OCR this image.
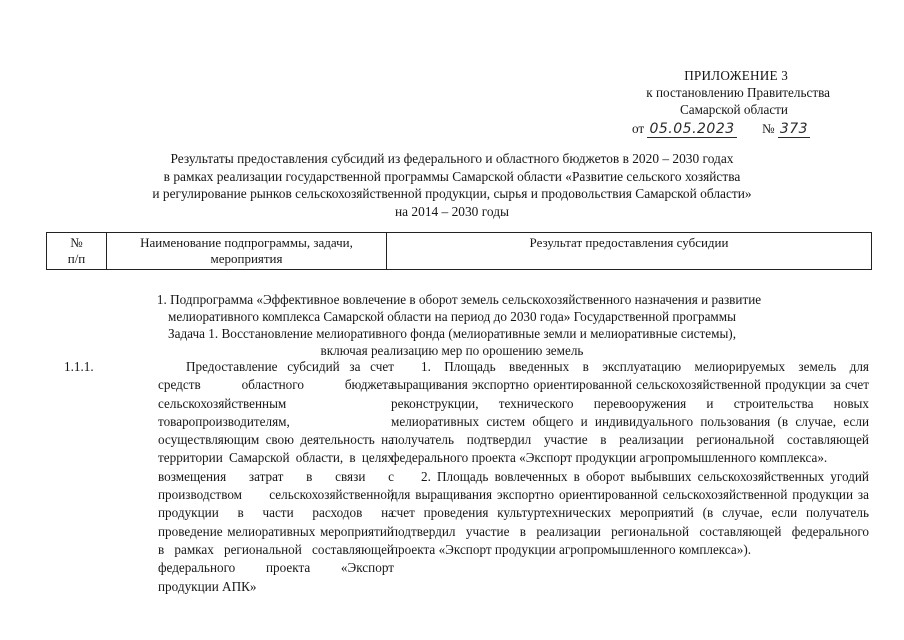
ПРИЛОЖЕНИЕ 3
к постановлению Правительства
Самарской области
от 05.05.2023 № 373
Результаты предоставления субсидий из федерального и областного бюджетов в 2020 – 2030 годах
в рамках реализации государственной программы Самарской области «Развитие сельского хозяйства
и регулирование рынков сельскохозяйственной продукции, сырья и продовольствия Самарской области»
на 2014 – 2030 годы
№
п/п
Наименование подпрограммы, задачи,
мероприятия
Результат предоставления субсидии
1. Подпрограмма «Эффективное вовлечение в оборот земель сельскохозяйственного назначения и развитие
мелиоративного комплекса Самарской области на период до 2030 года» Государственной программы
Задача 1. Восстановление мелиоративного фонда (мелиоративные земли и мелиоративные системы),
включая реализацию мер по орошению земель
1.1.1.	Предоставление субсидий за счет средств областного бюджета сельскохозяйственным товаропроизводителям, осуществляющим свою деятельность на территории Самарской области, в целях возмещения затрат в связи с производством сельскохозяйственной продукции в части расходов на проведение мелиоративных мероприятий в рамках региональной составляющей федерального проекта «Экспорт продукции АПК»

1. Площадь введенных в эксплуатацию мелиорируемых земель для выращивания экспортно ориентированной сельскохозяйственной продукции за счет реконструкции, технического перевооружения и строительства новых мелиоративных систем общего и индивидуального пользования (в случае, если получатель подтвердил участие в реализации региональной составляющей федерального проекта «Экспорт продукции агропромышленного комплекса».

2. Площадь вовлеченных в оборот выбывших сельскохозяйственных угодий для выращивания экспортно ориентированной сельскохозяйственной продукции за счет проведения культуртехнических мероприятий (в случае, если получатель подтвердил участие в реализации региональной составляющей федерального проекта «Экспорт продукции агропромышленного комплекса»).
